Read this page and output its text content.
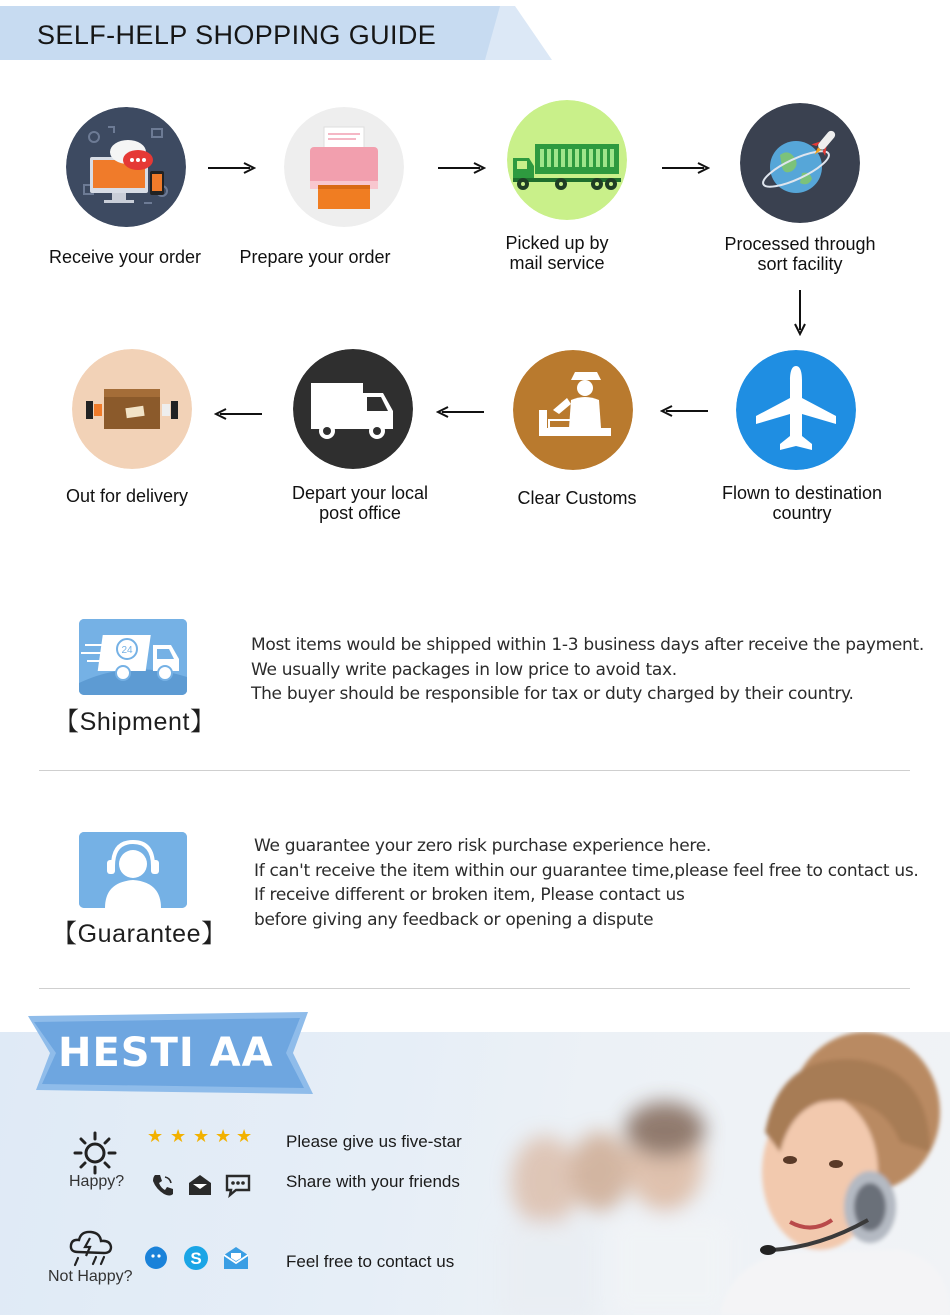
SELF-HELP SHOPPING GUIDE
Receive your order	Prepare your order
Picked up by
mail service
Processed through
sort facility
Out for delivery	Depart your local
post office
Clear Customs	Flown to destination
country
24
【Shipment】
Most items would be shipped within 1-3 business days after receive the payment.
We usually write packages in low price to avoid tax.
The buyer should be responsible for tax or duty charged by their country.
【Guarantee】
We guarantee your zero risk purchase experience here.
If can't receive the item within our guarantee time,please feel free to contact us.
If receive different or broken item, Please contact us
before giving any feedback or opening a dispute
HESTI AA
Happy?
★ ★ ★ ★ ★ Please give us five-star
Share with your friends
Not Happy?
S	Feel free to contact us
